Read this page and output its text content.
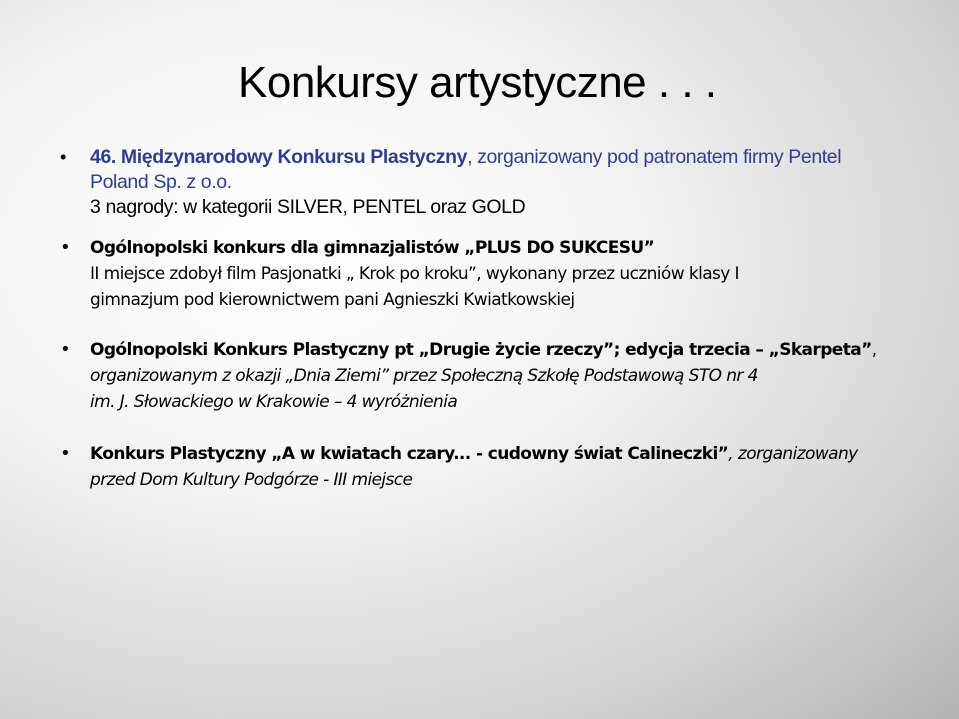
Konkursy artystyczne . . .
• 46. Międzynarodowy Konkursu Plastyczny, zorganizowany pod patronatem firmy Pentel
Poland Sp. z o.o.
3 nagrody: w kategorii SILVER, PENTEL oraz GOLD
• Ogólnopolski konkurs dla gimnazjalistów „PLUS DO SUKCESU”
II miejsce zdobył film Pasjonatki „ Krok po kroku”, wykonany przez uczniów klasy I
gimnazjum pod kierownictwem pani Agnieszki Kwiatkowskiej
• Ogólnopolski Konkurs Plastyczny pt „Drugie życie rzeczy”; edycja trzecia – „Skarpeta”,
organizowanym z okazji „Dnia Ziemi” przez Społeczną Szkołę Podstawową STO nr 4
im. J. Słowackiego w Krakowie – 4 wyróżnienia
• Konkurs Plastyczny „A w kwiatach czary... - cudowny świat Calineczki”, zorganizowany
przed Dom Kultury Podgórze - III miejsce
